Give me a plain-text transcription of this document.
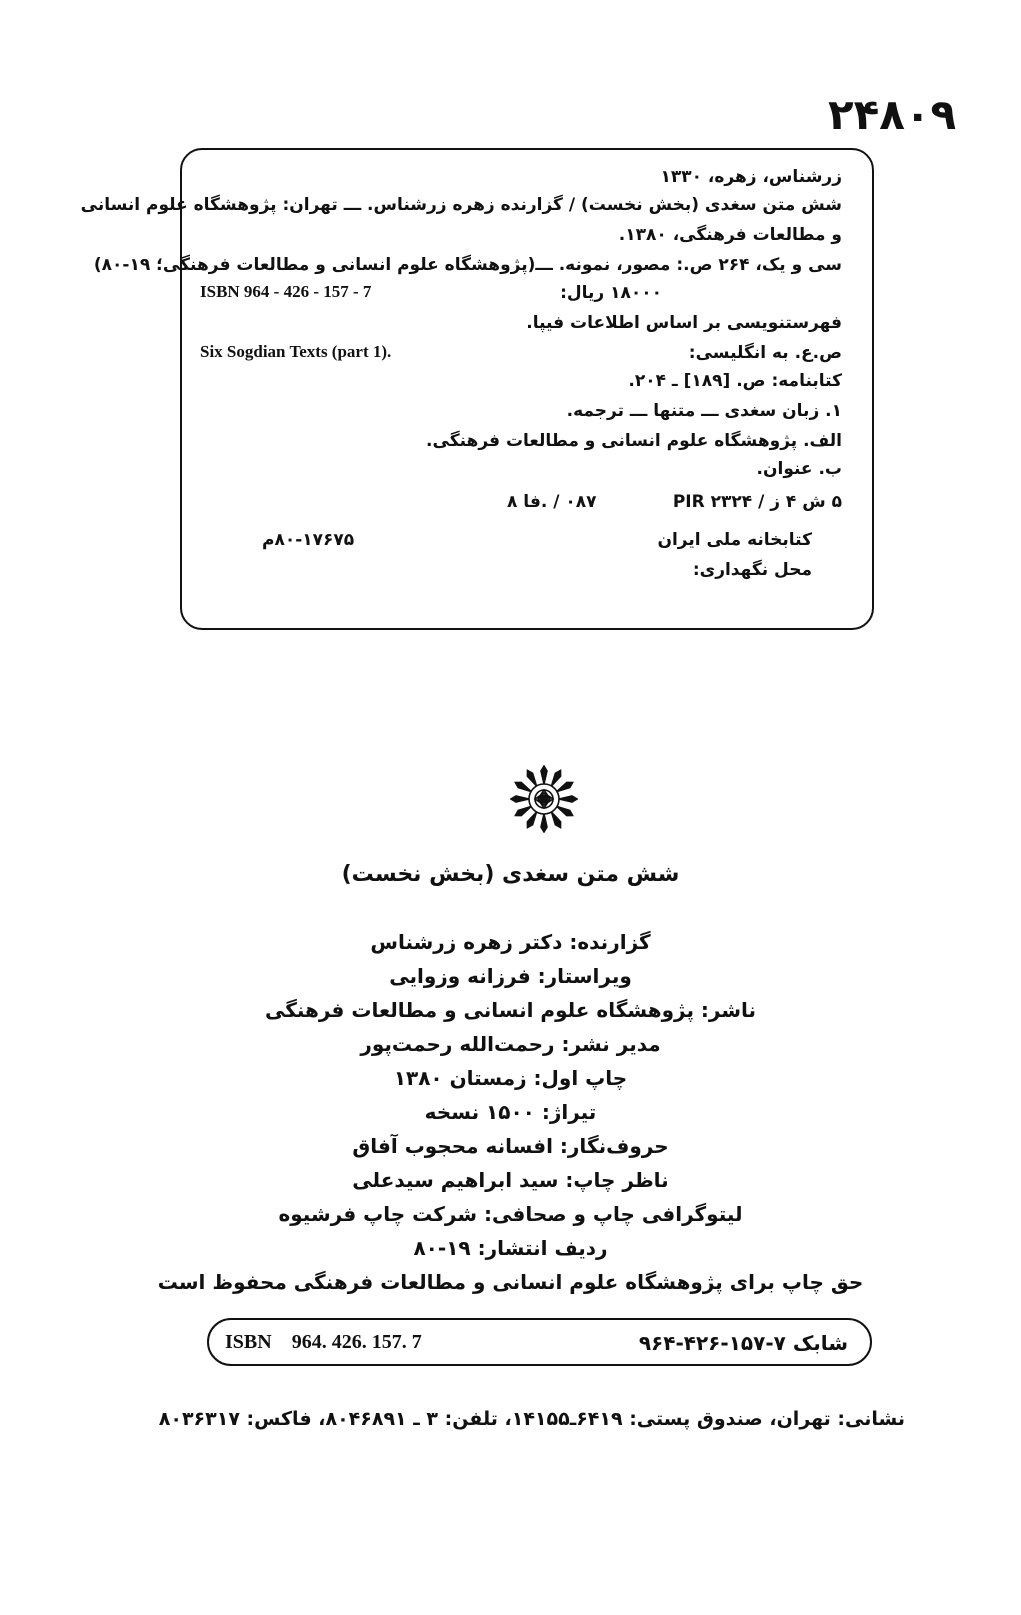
۲۴۸۰۹
زرشناس، زهره، ۱۳۳۰
شش متن سغدی (بخش نخست) / گزارنده زهره زرشناس. ـــ تهران: پژوهشگاه علوم انسانی
و مطالعات فرهنگی، ۱۳۸۰.
سی و یک، ۲۶۴ ص.: مصور، نمونه. ـــ(پژوهشگاه علوم انسانی و مطالعات فرهنگی؛ ۱۹-۸۰)
۱۸۰۰۰ ریال:
ISBN 964 - 426 - 157 - 7
فهرستنویسی بر اساس اطلاعات فیپا.
ص.ع. به انگلیسی:
Six Sogdian Texts (part 1).
کتابنامه: ص. [۱۸۹] ـ ۲۰۴.
۱. زبان سغدی ـــ متنها ـــ ترجمه.
الف. پژوهشگاه علوم انسانی و مطالعات فرهنگی.
ب. عنوان.
۵ ش ۴ ز / PIR ۲۳۲۴
۰۸۷ / .فا ۸
کتابخانه ملی ایران
۸۰-۱۷۶۷۵م
محل نگهداری:
شش متن سغدی (بخش نخست)
گزارنده: دکتر زهره زرشناس
ویراستار: فرزانه وزوایی
ناشر: پژوهشگاه علوم انسانی و مطالعات فرهنگی
مدیر نشر: رحمت‌الله رحمت‌پور
چاپ اول: زمستان ۱۳۸۰
تیراژ: ۱۵۰۰ نسخه
حروف‌نگار: افسانه محجوب آفاق
ناظر چاپ: سید ابراهیم سیدعلی
لیتوگرافی چاپ و صحافی: شرکت چاپ فرشیوه
ردیف انتشار: ۱۹-۸۰
حق چاپ برای پژوهشگاه علوم انسانی و مطالعات فرهنگی محفوظ است
ISBN    964. 426. 157. 7	شابک ۷-۱۵۷-۴۲۶-۹۶۴
نشانی: تهران، صندوق پستی: ۶۴۱۹ـ۱۴۱۵۵، تلفن: ۳ ـ ۸۰۴۶۸۹۱، فاکس: ۸۰۳۶۳۱۷
